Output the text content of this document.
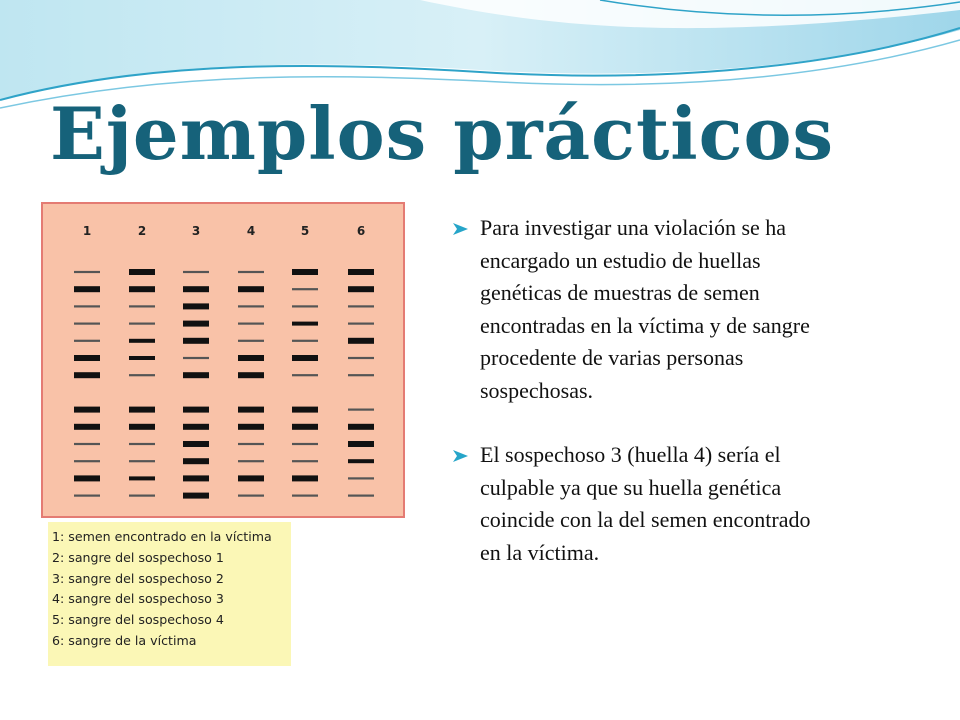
Ejemplos prácticos
1	2	3	4	5	6
1: semen encontrado en la víctima
2: sangre del sospechoso 1
3: sangre del sospechoso 2
4: sangre del sospechoso 3
5: sangre del sospechoso 4
6: sangre de la víctima
Para investigar una violación se ha
encargado un estudio de huellas
genéticas de muestras de semen
encontradas en la víctima y de sangre
procedente de varias personas
sospechosas.
El sospechoso 3 (huella 4) sería el
culpable ya que su huella genética
coincide con la del semen encontrado
en la víctima.
